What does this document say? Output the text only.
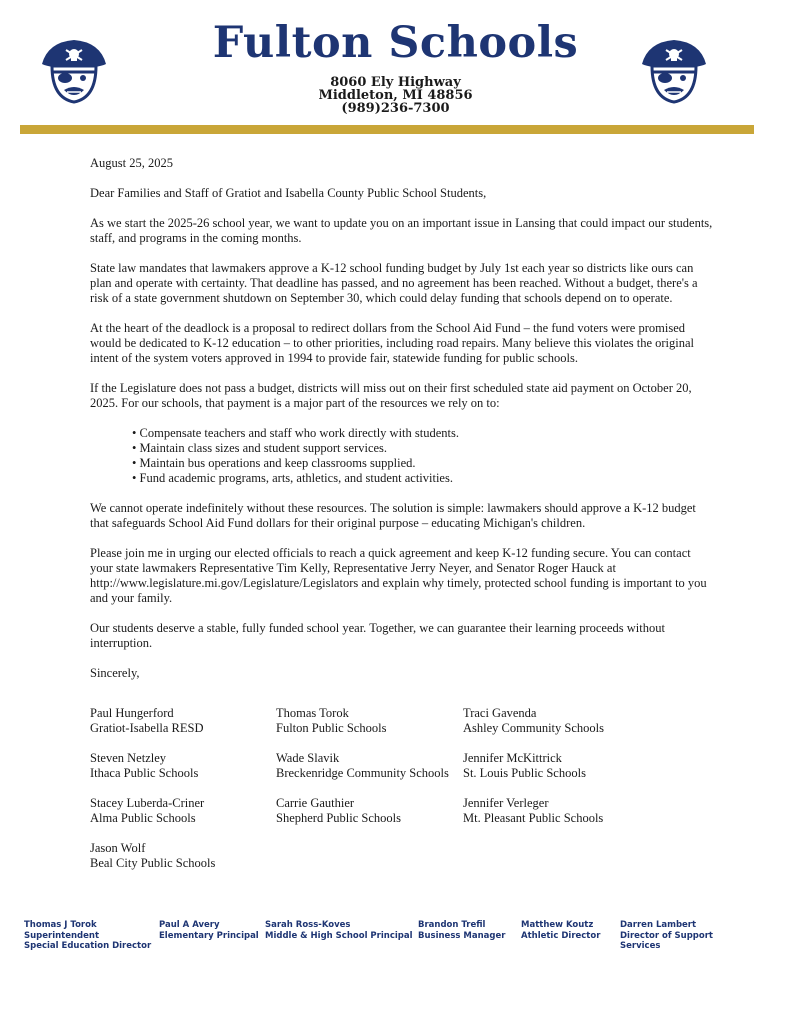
Fulton Schools
8060 Ely Highway
Middleton, MI 48856
(989)236-7300

August 25, 2025

Dear Families and Staff of Gratiot and Isabella County Public School Students,

As we start the 2025-26 school year, we want to update you on an important issue in Lansing that could impact our students, staff, and programs in the coming months.

State law mandates that lawmakers approve a K-12 school funding budget by July 1st each year so districts like ours can plan and operate with certainty. That deadline has passed, and no agreement has been reached. Without a budget, there's a risk of a state government shutdown on September 30, which could delay funding that schools depend on to operate.

At the heart of the deadlock is a proposal to redirect dollars from the School Aid Fund – the fund voters were promised would be dedicated to K-12 education – to other priorities, including road repairs. Many believe this violates the original intent of the system voters approved in 1994 to provide fair, statewide funding for public schools.

If the Legislature does not pass a budget, districts will miss out on their first scheduled state aid payment on October 20, 2025. For our schools, that payment is a major part of the resources we rely on to:

• Compensate teachers and staff who work directly with students.
• Maintain class sizes and student support services.
• Maintain bus operations and keep classrooms supplied.
• Fund academic programs, arts, athletics, and student activities.

We cannot operate indefinitely without these resources. The solution is simple: lawmakers should approve a K-12 budget that safeguards School Aid Fund dollars for their original purpose – educating Michigan's children.

Please join me in urging our elected officials to reach a quick agreement and keep K-12 funding secure. You can contact your state lawmakers Representative Tim Kelly, Representative Jerry Neyer, and Senator Roger Hauck at http://www.legislature.mi.gov/Legislature/Legislators and explain why timely, protected school funding is important to you and your family.

Our students deserve a stable, fully funded school year. Together, we can guarantee their learning proceeds without interruption.

Sincerely,

Paul Hungerford
Gratiot-Isabella RESD
Thomas Torok
Fulton Public Schools
Traci Gavenda
Ashley Community Schools
Steven Netzley
Ithaca Public Schools
Wade Slavik
Breckenridge Community Schools
Jennifer McKittrick
St. Louis Public Schools
Stacey Luberda-Criner
Alma Public Schools
Carrie Gauthier
Shepherd Public Schools
Jennifer Verleger
Mt. Pleasant Public Schools
Jason Wolf
Beal City Public Schools
Thomas J Torok
Superintendent
Special Education Director
Paul A Avery
Elementary Principal
Sarah Ross-Koves
Middle & High School Principal
Brandon Trefil
Business Manager
Matthew Koutz
Athletic Director
Darren Lambert
Director of Support
Services
